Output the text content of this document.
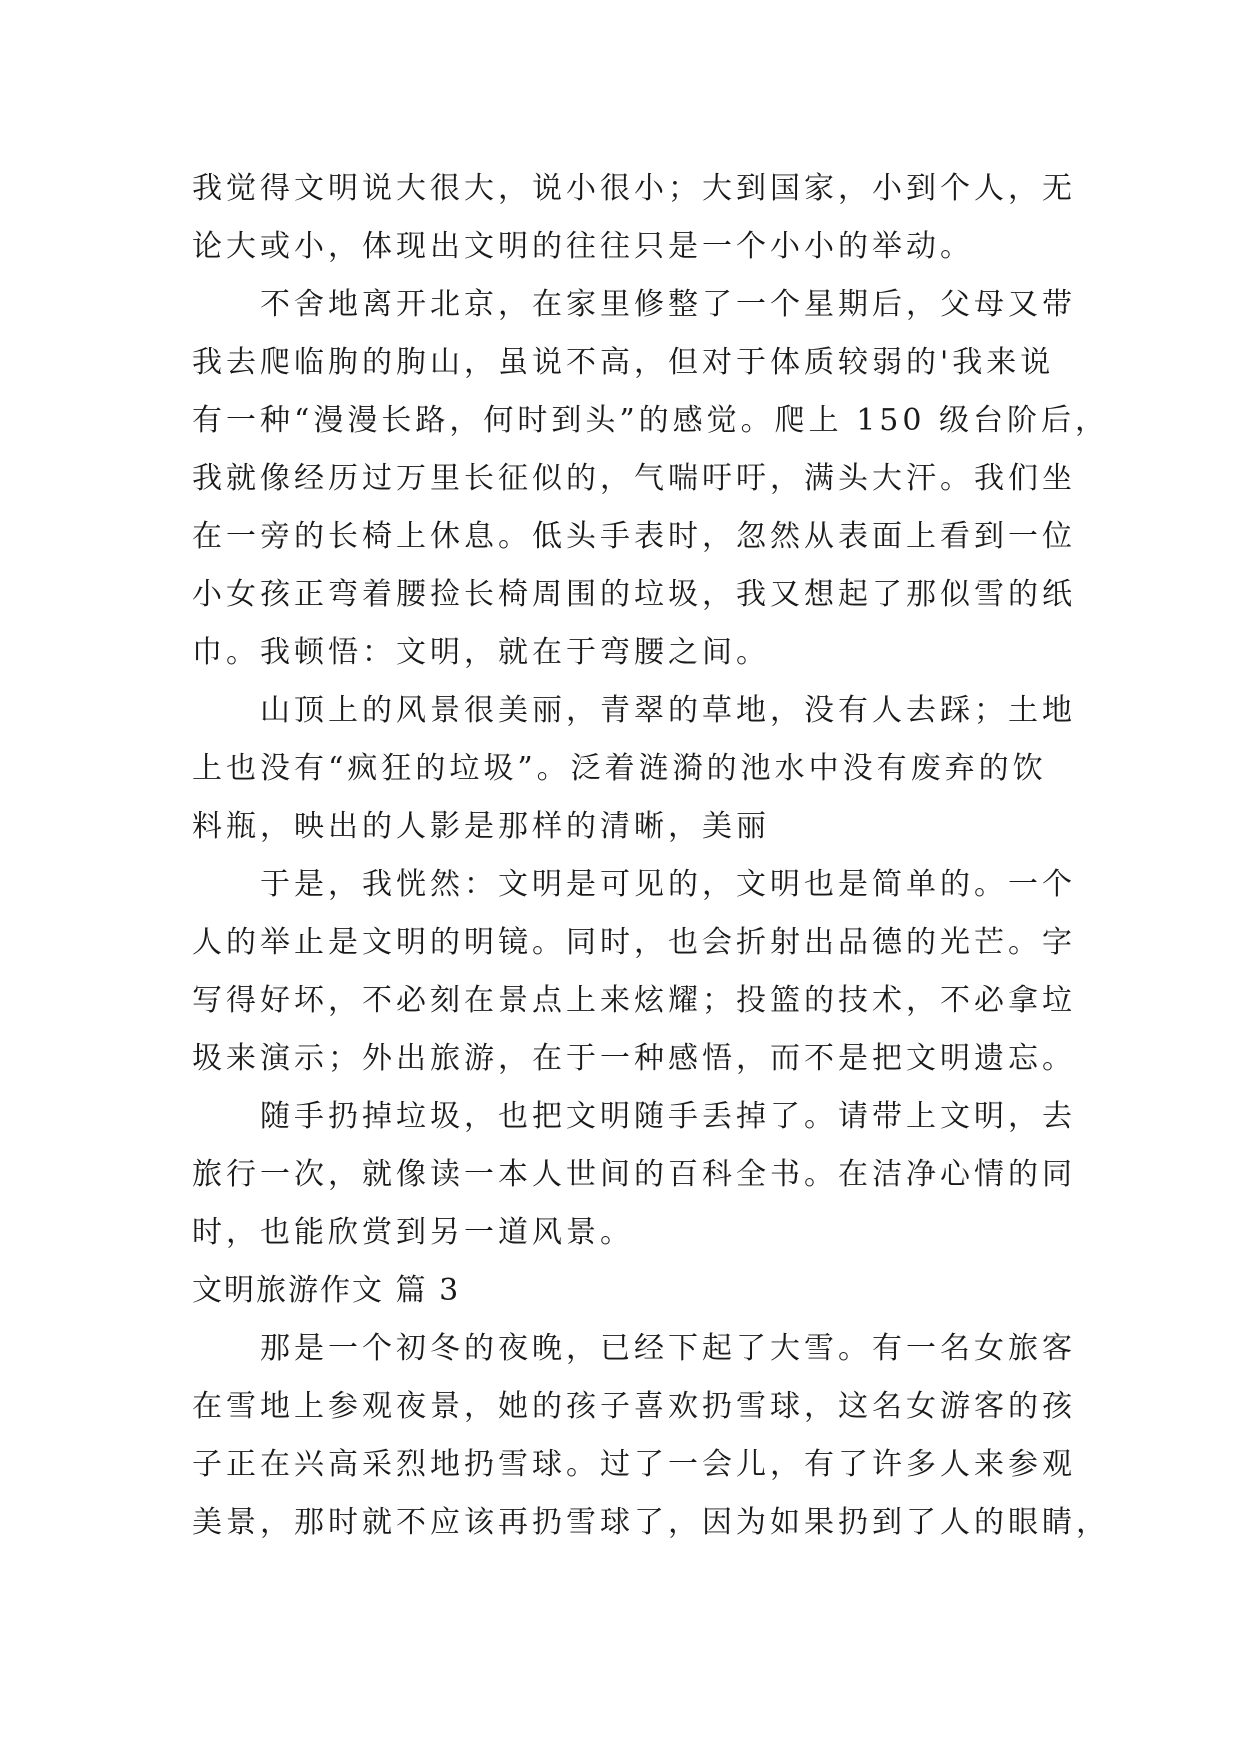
我觉得文明说大很大，说小很小；大到国家，小到个人，无
论大或小，体现出文明的往往只是一个小小的举动。
不舍地离开北京，在家里修整了一个星期后，父母又带
我去爬临朐的朐山，虽说不高，但对于体质较弱的'我来说
有一种“漫漫长路，何时到头”的感觉。爬上 150 级台阶后，
我就像经历过万里长征似的，气喘吁吁，满头大汗。我们坐
在一旁的长椅上休息。低头手表时，忽然从表面上看到一位
小女孩正弯着腰捡长椅周围的垃圾，我又想起了那似雪的纸
巾。我顿悟：文明，就在于弯腰之间。
山顶上的风景很美丽，青翠的草地，没有人去踩；土地
上也没有“疯狂的垃圾”。泛着涟漪的池水中没有废弃的饮
料瓶，映出的人影是那样的清晰，美丽
于是，我恍然：文明是可见的，文明也是简单的。一个
人的举止是文明的明镜。同时，也会折射出品德的光芒。字
写得好坏，不必刻在景点上来炫耀；投篮的技术，不必拿垃
圾来演示；外出旅游，在于一种感悟，而不是把文明遗忘。
随手扔掉垃圾，也把文明随手丢掉了。请带上文明，去
旅行一次，就像读一本人世间的百科全书。在洁净心情的同
时，也能欣赏到另一道风景。
文明旅游作文 篇 3
那是一个初冬的夜晚，已经下起了大雪。有一名女旅客
在雪地上参观夜景，她的孩子喜欢扔雪球，这名女游客的孩
子正在兴高采烈地扔雪球。过了一会儿，有了许多人来参观
美景，那时就不应该再扔雪球了，因为如果扔到了人的眼睛，
